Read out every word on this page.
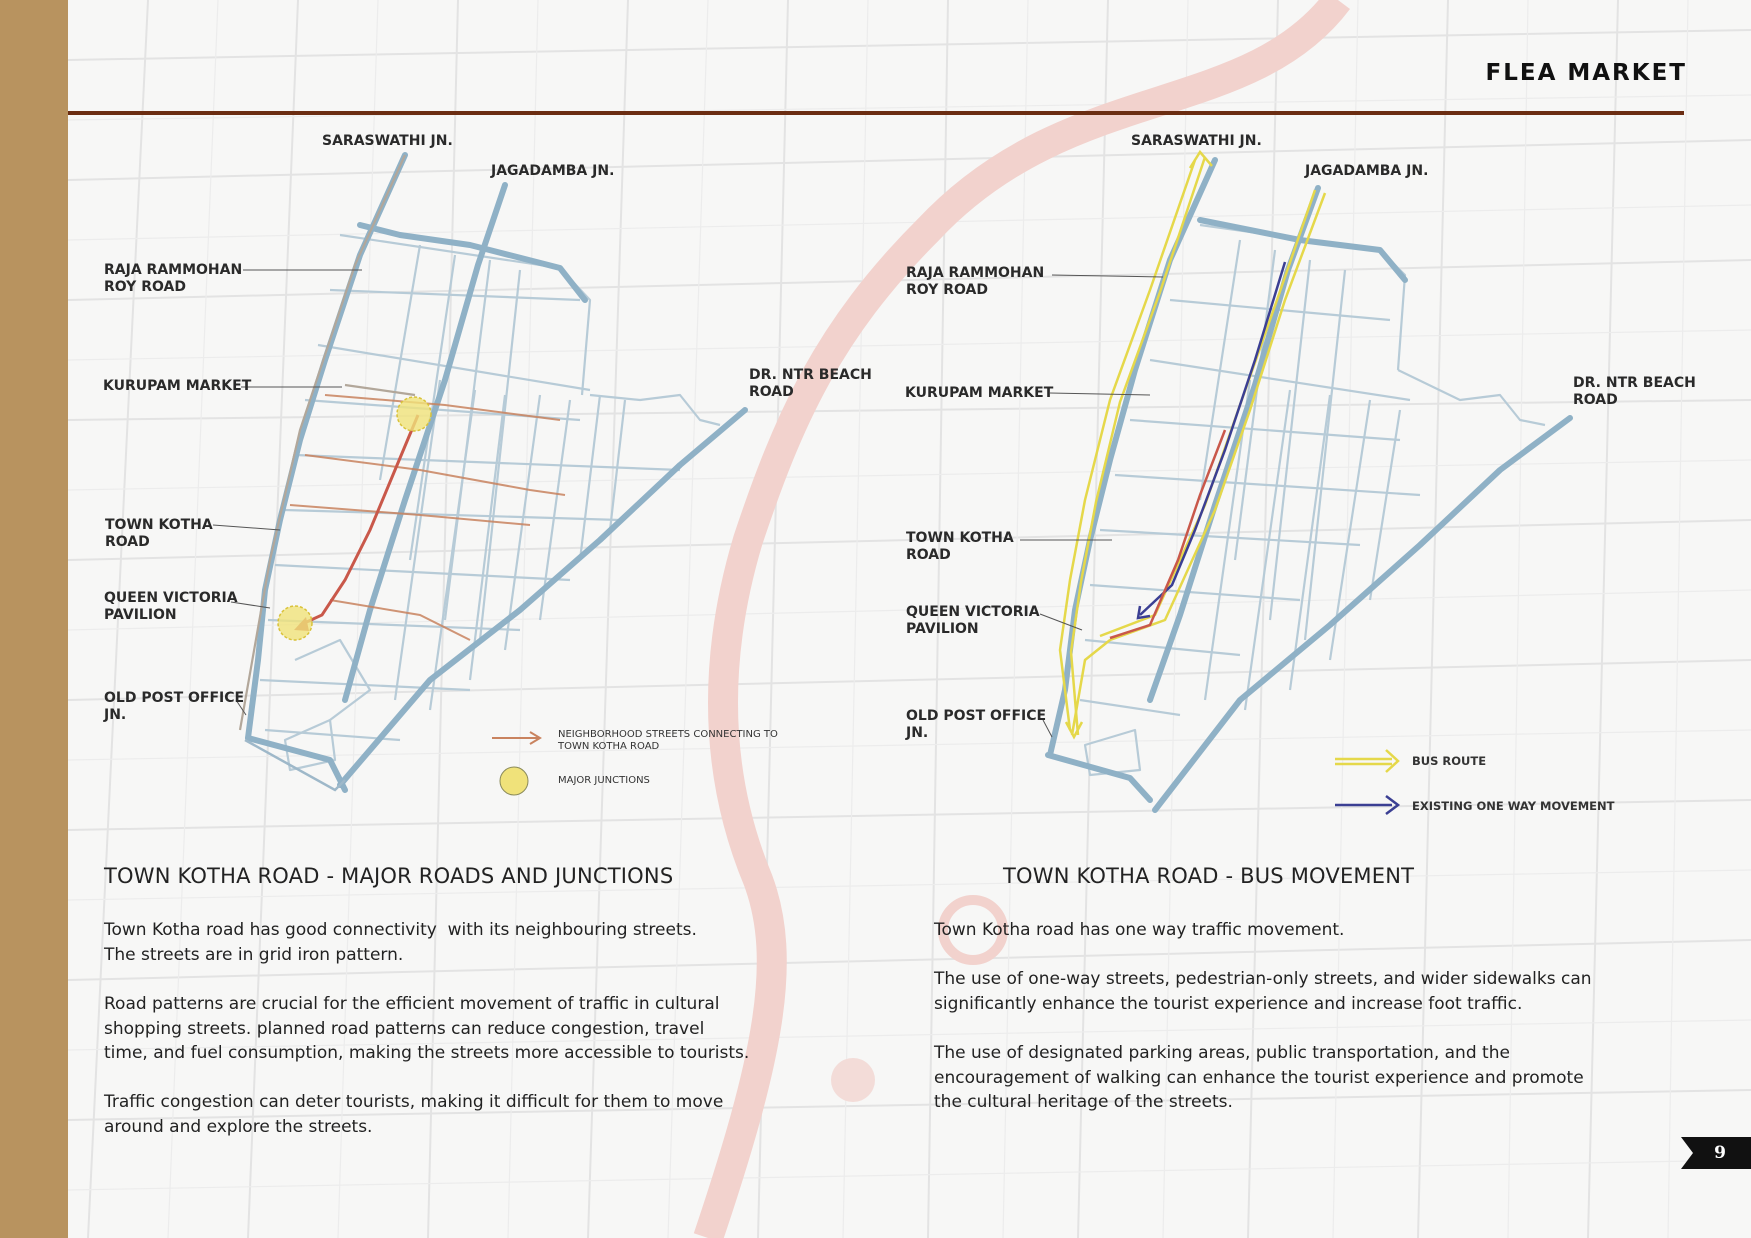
FLEA MARKET
SARASWATHI JN.
JAGADAMBA JN.
RAJA RAMMOHAN
ROY ROAD
KURUPAM MARKET
DR. NTR BEACH
ROAD
TOWN KOTHA
ROAD
QUEEN VICTORIA
PAVILION
OLD POST OFFICE
JN.
NEIGHBORHOOD STREETS CONNECTING TO
TOWN KOTHA ROAD
MAJOR JUNCTIONS
SARASWATHI JN.
JAGADAMBA JN.
RAJA RAMMOHAN
ROY ROAD
KURUPAM MARKET
DR. NTR BEACH
ROAD
TOWN KOTHA
ROAD
QUEEN VICTORIA
PAVILION
OLD POST OFFICE
JN.
BUS ROUTE
EXISTING ONE WAY MOVEMENT
TOWN KOTHA ROAD - MAJOR ROADS AND JUNCTIONS
Town Kotha road has good connectivity  with its neighbouring streets.
The streets are in grid iron pattern.
Road patterns are crucial for the efficient movement of traffic in cultural
shopping streets. planned road patterns can reduce congestion, travel
time, and fuel consumption, making the streets more accessible to tourists.
Traffic congestion can deter tourists, making it difficult for them to move
around and explore the streets.
TOWN KOTHA ROAD - BUS MOVEMENT
Town Kotha road has one way traffic movement.
The use of one-way streets, pedestrian-only streets, and wider sidewalks can
significantly enhance the tourist experience and increase foot traffic.
The use of designated parking areas, public transportation, and the
encouragement of walking can enhance the tourist experience and promote
the cultural heritage of the streets.
9
